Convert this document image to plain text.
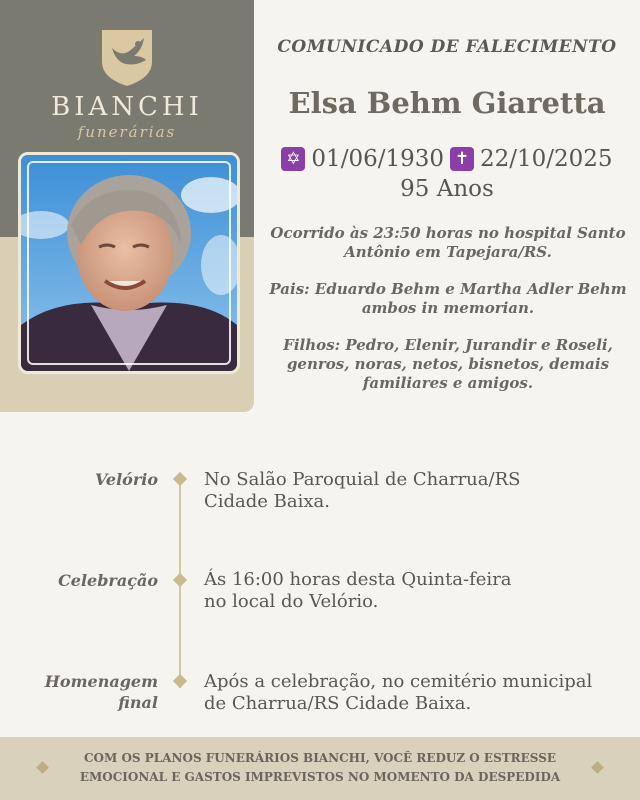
BIANCHI
funerárias
COMUNICADO DE FALECIMENTO
Elsa Behm Giaretta
✡ 01/06/1930 ✝ 22/10/2025
95 Anos
Ocorrido às 23:50 horas no hospital Santo Antônio em Tapejara/RS.
Pais: Eduardo Behm e Martha Adler Behm ambos in memorian.
Filhos: Pedro, Elenir, Jurandir e Roseli, genros, noras, netos, bisnetos, demais familiares e amigos.
Velório	No Salão Paroquial de Charrua/RS Cidade Baixa.
Celebração	Ás 16:00 horas desta Quinta-feira no local do Velório.
Homenagem final
Após a celebração, no cemitério municipal de Charrua/RS Cidade Baixa.
COM OS PLANOS FUNERÁRIOS BIANCHI, VOCÊ REDUZ O ESTRESSE EMOCIONAL E GASTOS IMPREVISTOS NO MOMENTO DA DESPEDIDA
